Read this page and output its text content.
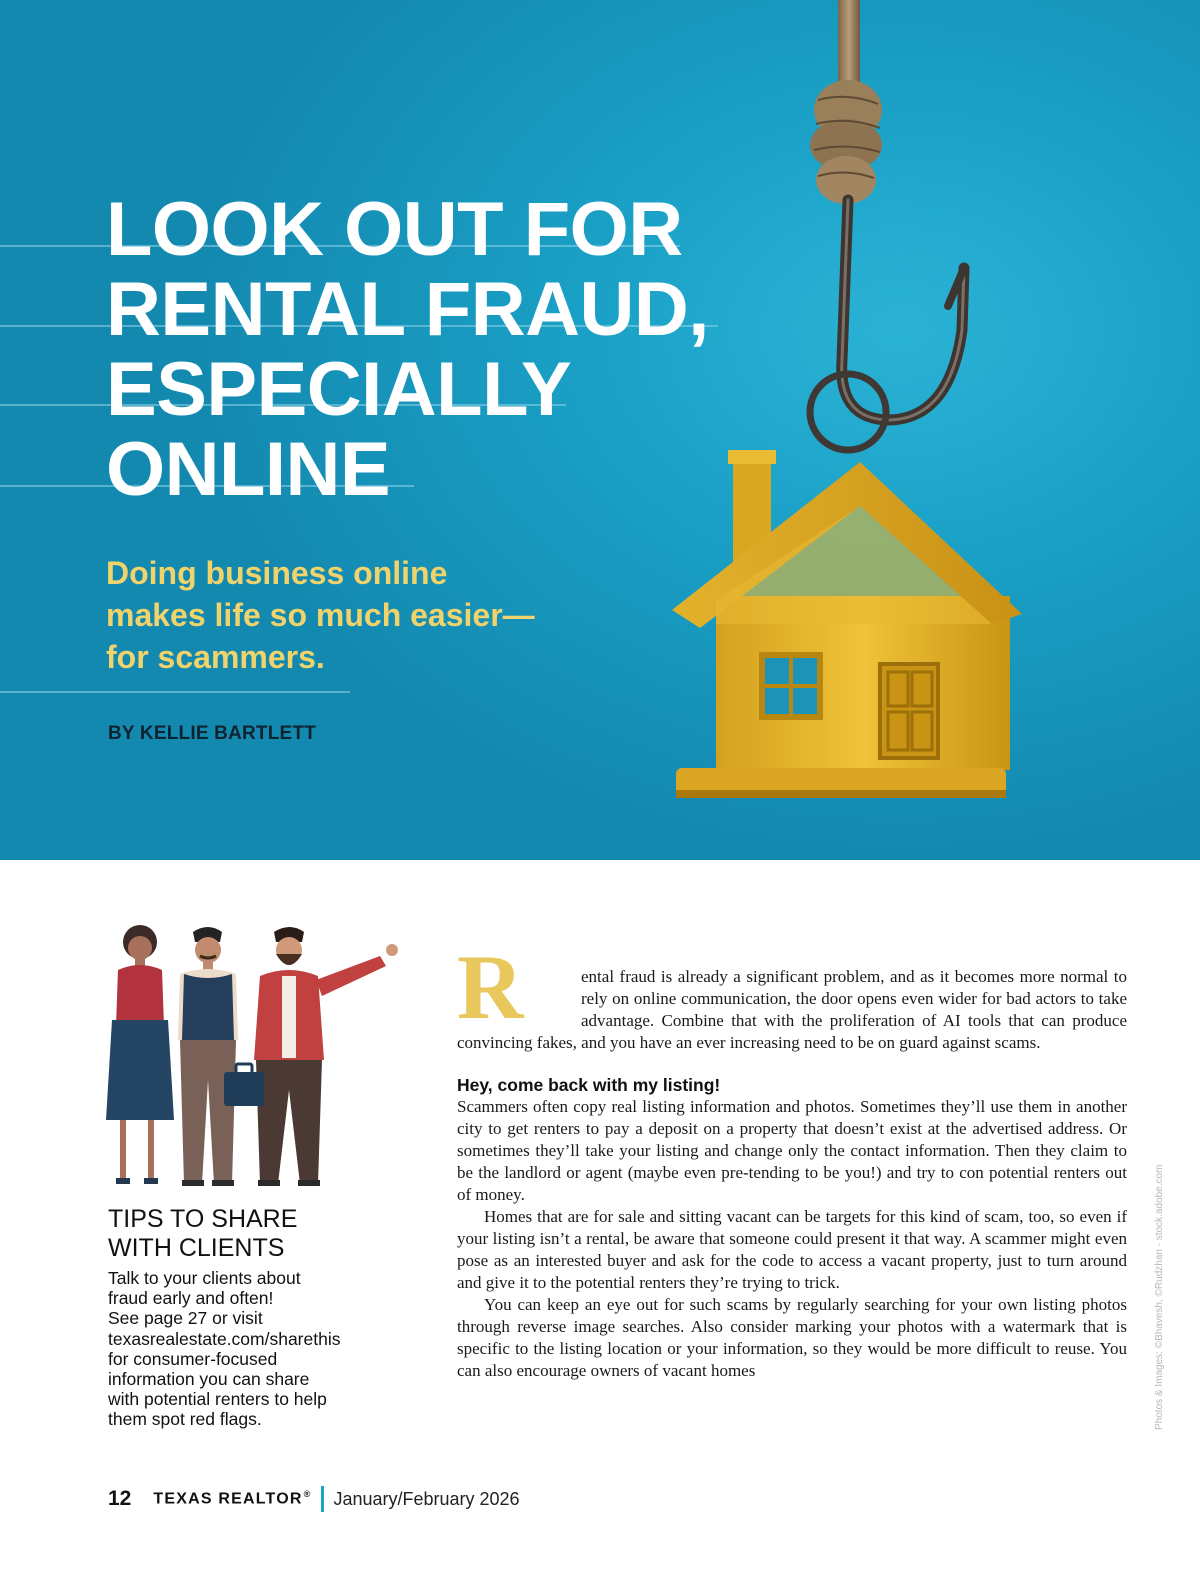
LOOK OUT FOR
RENTAL FRAUD,
ESPECIALLY
ONLINE

Doing business online
makes life so much easier—
for scammers.

BY KELLIE BARTLETT

TIPS TO SHARE
WITH CLIENTS

Talk to your clients about
fraud early and often!
See page 27 or visit
texasrealestate.com/sharethis
for consumer-focused
information you can share
with potential renters to help
them spot red flags.

R	ental fraud is already a significant problem, and as it becomes more normal to rely on online communication, the door opens even wider for bad actors to take advantage. Combine that with the proliferation of AI tools that can produce convincing fakes, and you have an ever increasing need to be on guard against scams.

Hey, come back with my listing!

Scammers often copy real listing information and photos. Sometimes they’ll use them in another city to get renters to pay a deposit on a property that doesn’t exist at the advertised address. Or sometimes they’ll take your listing and change only the contact information. Then they claim to be the landlord or agent (maybe even pre-tending to be you!) and try to con potential renters out of money.

Homes that are for sale and sitting vacant can be targets for this kind of scam, too, so even if your listing isn’t a rental, be aware that someone could present it that way. A scammer might even pose as an interested buyer and ask for the code to access a vacant property, just to turn around and give it to the potential renters they’re trying to trick.

You can keep an eye out for such scams by regularly searching for your own listing photos through reverse image searches. Also consider marking your photos with a watermark that is specific to the listing location or your information, so they would be more difficult to reuse. You can also encourage owners of vacant homes	Photos & Images: ©Bhavesh, ©Rudzhan - stock.adobe.com
12 TEXAS REALTOR® January/February 2026
